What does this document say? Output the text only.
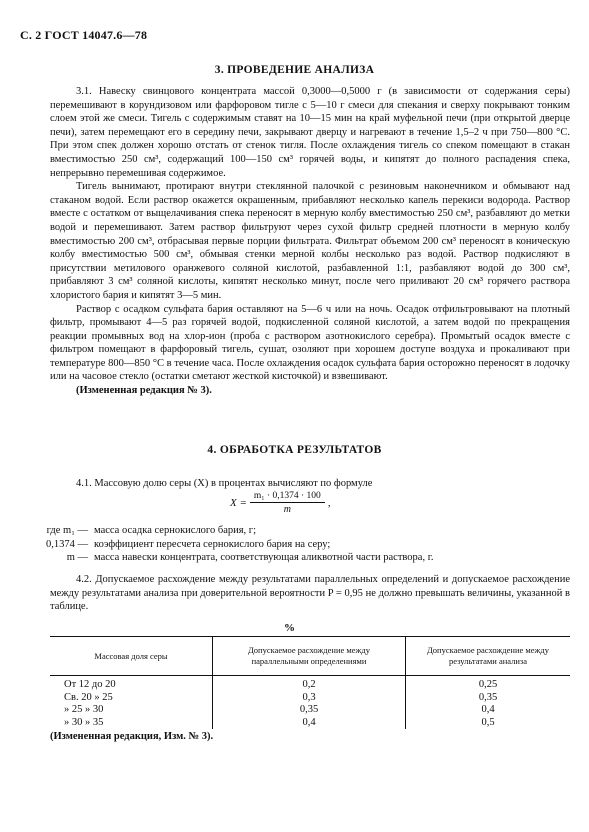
С. 2 ГОСТ 14047.6—78
3. ПРОВЕДЕНИЕ АНАЛИЗА

3.1. Навеску свинцового концентрата массой 0,3000—0,5000 г (в зависимости от содержания серы) перемешивают в корундизовом или фарфоровом тигле с 5—10 г смеси для спекания и сверху покрывают тонким слоем этой же смеси. Тигель с содержимым ставят на 10—15 мин на край муфельной печи (при открытой дверце печи), затем перемещают его в середину печи, закрывают дверцу и нагревают в течение 1,5–2 ч при 750—800 °С. При этом спек должен хорошо отстать от стенок тигля. После охлаждения тигель со спеком помещают в стакан вместимостью 250 см³, содержащий 100—150 см³ горячей воды, и кипятят до полного распадения спека, непрерывно перемешивая содержимое.

Тигель вынимают, протирают внутри стеклянной палочкой с резиновым наконечником и обмывают над стаканом водой. Если раствор окажется окрашенным, прибавляют несколько капель перекиси водорода. Раствор вместе с остатком от выщелачивания спека переносят в мерную колбу вместимостью 250 см³, разбавляют до метки водой и перемешивают. Затем раствор фильтруют через сухой фильтр средней плотности в мерную колбу вместимостью 200 см³, отбрасывая первые порции фильтрата. Фильтрат объемом 200 см³ переносят в коническую колбу вместимостью 500 см³, обмывая стенки мерной колбы несколько раз водой. Раствор подкисляют в присутствии метилового оранжевого соляной кислотой, разбавленной 1:1, разбавляют водой до 300 см³, прибавляют 3 см³ соляной кислоты, кипятят несколько минут, после чего приливают 20 см³ горячего раствора хлористого бария и кипятят 3—5 мин.

Раствор с осадком сульфата бария оставляют на 5—6 ч или на ночь. Осадок отфильтровывают на плотный фильтр, промывают 4—5 раз горячей водой, подкисленной соляной кислотой, а затем водой по прекращения реакции промывных вод на хлор-ион (проба с раствором азотнокислого серебра). Промытый осадок вместе с фильтром помещают в фарфоровый тигель, сушат, озоляют при хорошем доступе воздуха и прокаливают при температуре 800—850 °С в течение часа. После охлаждения осадок сульфата бария осторожно переносят в лодочку или на часовое стекло (остатки сметают жесткой кисточкой) и взвешивают.

(Измененная редакция № 3).

4. ОБРАБОТКА РЕЗУЛЬТАТОВ

4.1. Массовую долю серы (X) в процентах вычисляют по формуле

$X = \frac{\text{m₁ · 0,1374 · 100}}{m}$ ,
где m₁ — масса осадка сернокислого бария, г;
0,1374 — коэффициент пересчета сернокислого бария на серу;
m — масса навески концентрата, соответствующая аликвотной части раствора, г.

4.2. Допускаемое расхождение между результатами параллельных определений и допускаемое расхождение между результатами анализа при доверительной вероятности P = 0,95 не должно превышать величины, указанной в таблице.

%
Массовая доля серы	Допускаемое расхождение между параллельными определениями	Допускаемое расхождение между результатами анализа
От 12 до 20	0,2	0,25
Св. 20 » 25	0,3	0,35
» 25 » 30	0,35	0,4
» 30 » 35	0,4	0,5
(Измененная редакция, Изм. № 3).
